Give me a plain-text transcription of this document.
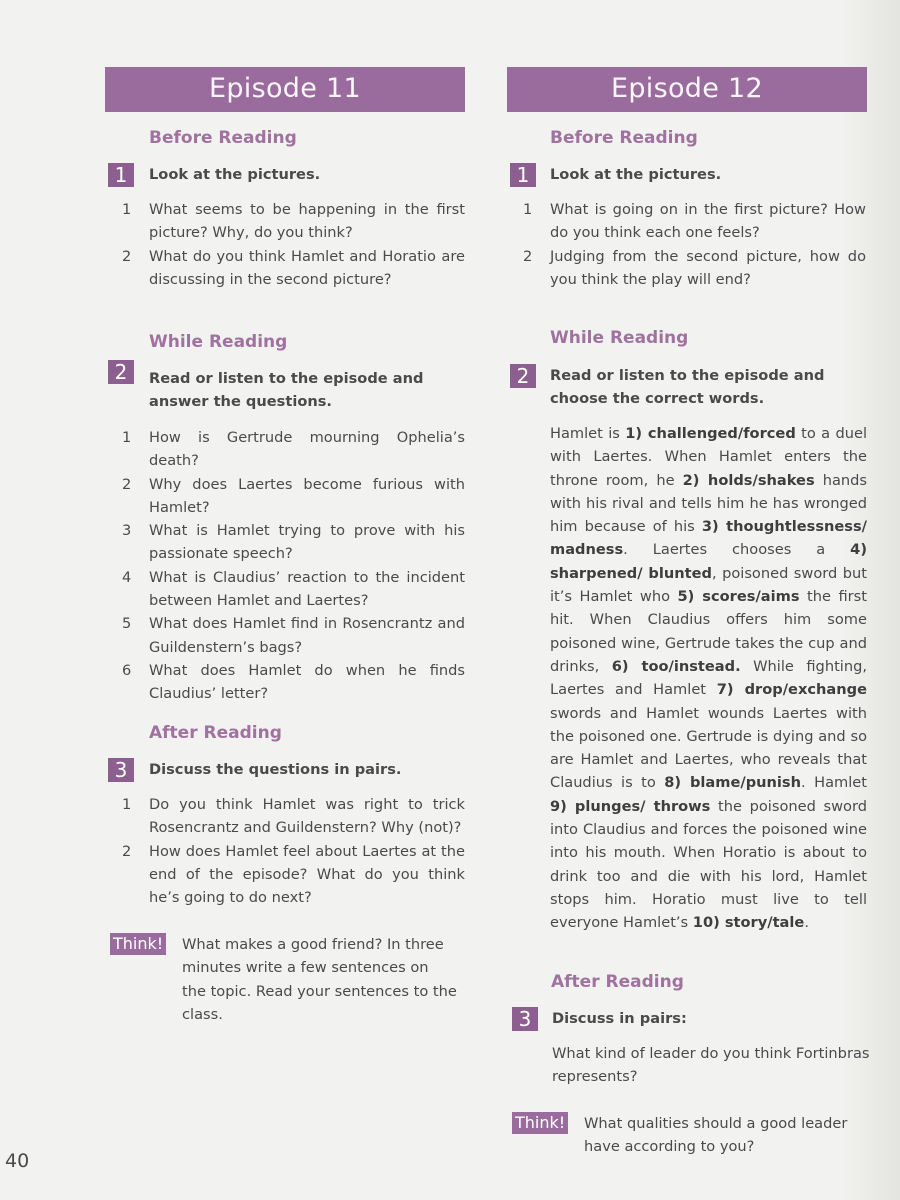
Episode 11
Before Reading
1	Look at the pictures.
1 What seems to be happening in the first picture? Why, do you think?
2 What do you think Hamlet and Horatio are discussing in the second picture?
While Reading
2	Read or listen to the episode and answer the questions.
1 How is Gertrude mourning Ophelia’s death?
2 Why does Laertes become furious with Hamlet?
3 What is Hamlet trying to prove with his passionate speech?
4 What is Claudius’ reaction to the incident between Hamlet and Laertes?
5 What does Hamlet find in Rosencrantz and Guildenstern’s bags?
6 What does Hamlet do when he finds Claudius’ letter?
After Reading
3	Discuss the questions in pairs.
1 Do you think Hamlet was right to trick Rosencrantz and Guildenstern? Why (not)?
2 How does Hamlet feel about Laertes at the end of the episode? What do you think he’s going to do next?
Think! What makes a good friend? In three minutes write a few sentences on the topic. Read your sentences to the class.
Episode 12
Before Reading
1	Look at the pictures.
1 What is going on in the first picture? How do you think each one feels?
2 Judging from the second picture, how do you think the play will end?
While Reading
2	Read or listen to the episode and choose the correct words.
Hamlet is 1) challenged/forced to a duel with Laertes. When Hamlet enters the throne room, he 2) holds/shakes hands with his rival and tells him he has wronged him because of his 3) thoughtlessness/ madness. Laertes chooses a 4) sharpened/ blunted, poisoned sword but it’s Hamlet who 5) scores/aims the first hit. When Claudius offers him some poisoned wine, Gertrude takes the cup and drinks, 6) too/instead. While fighting, Laertes and Hamlet 7) drop/exchange swords and Hamlet wounds Laertes with the poisoned one. Gertrude is dying and so are Hamlet and Laertes, who reveals that Claudius is to 8) blame/punish. Hamlet 9) plunges/ throws the poisoned sword into Claudius and forces the poisoned wine into his mouth. When Horatio is about to drink too and die with his lord, Hamlet stops him. Horatio must live to tell everyone Hamlet’s 10) story/tale.
After Reading
3	Discuss in pairs:
What kind of leader do you think Fortinbras represents?
Think! What qualities should a good leader have according to you?
40
